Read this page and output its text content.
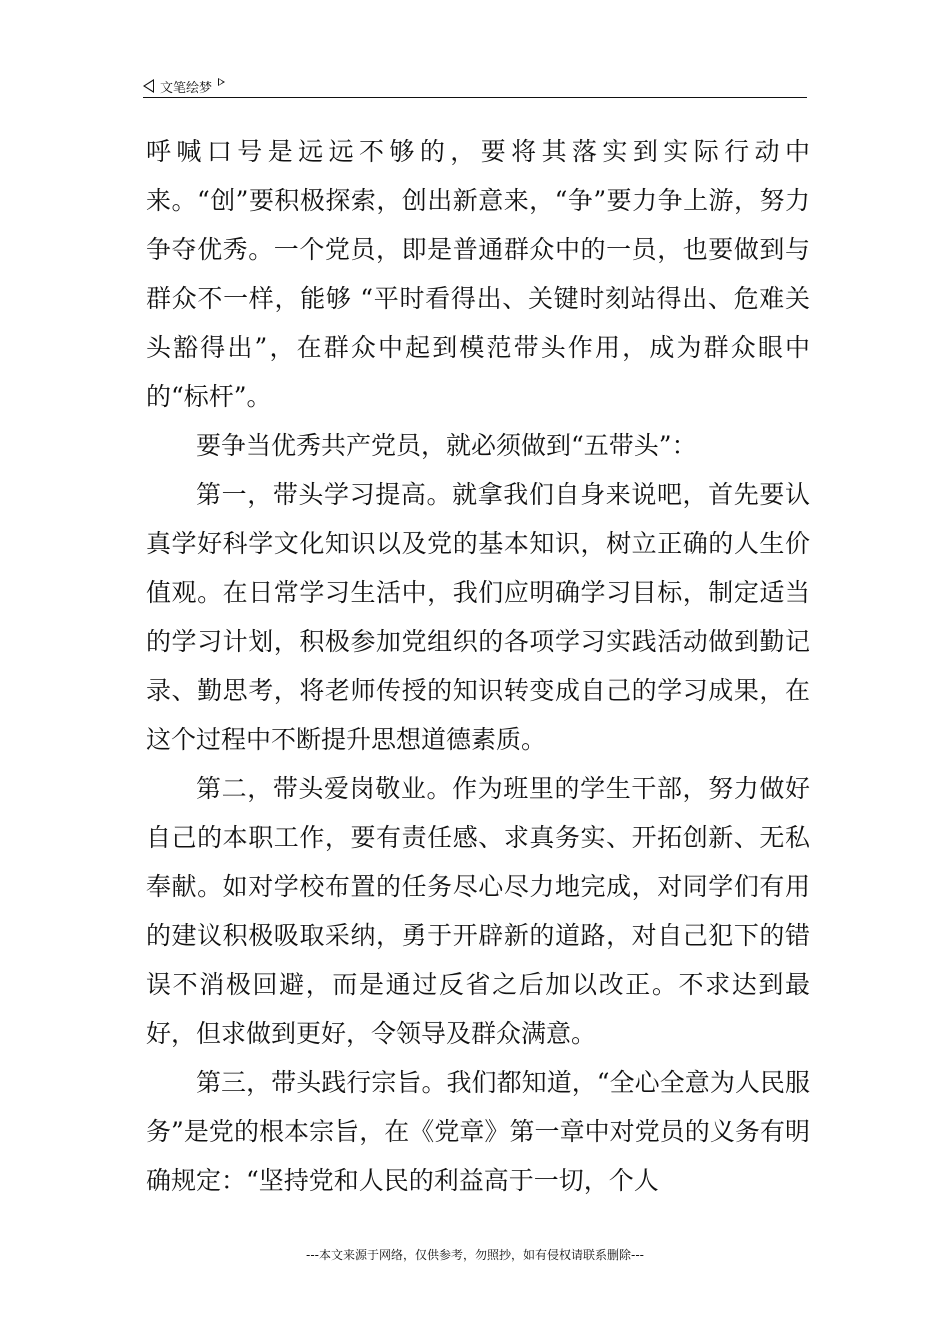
文笔绘梦

呼喊口号是远远不够的，要将其落实到实际行动中来。“创”要积极探索，创出新意来，“争”要力争上游，努力争夺优秀。一个党员，即是普通群众中的一员，也要做到与群众不一样，能够 “平时看得出、关键时刻站得出、危难关头豁得出”，在群众中起到模范带头作用，成为群众眼中的“标杆”。

要争当优秀共产党员，就必须做到“五带头”：

第一，带头学习提高。就拿我们自身来说吧，首先要认真学好科学文化知识以及党的基本知识，树立正确的人生价值观。在日常学习生活中，我们应明确学习目标，制定适当的学习计划，积极参加党组织的各项学习实践活动做到勤记录、勤思考，将老师传授的知识转变成自己的学习成果，在这个过程中不断提升思想道德素质。

第二，带头爱岗敬业。作为班里的学生干部，努力做好自己的本职工作，要有责任感、求真务实、开拓创新、无私奉献。如对学校布置的任务尽心尽力地完成，对同学们有用的建议积极吸取采纳，勇于开辟新的道路，对自己犯下的错误不消极回避，而是通过反省之后加以改正。不求达到最好，但求做到更好，令领导及群众满意。

第三，带头践行宗旨。我们都知道，“全心全意为人民服务”是党的根本宗旨，在《党章》第一章中对党员的义务有明确规定：“坚持党和人民的利益高于一切，个人

---本文来源于网络，仅供参考，勿照抄，如有侵权请联系删除---
